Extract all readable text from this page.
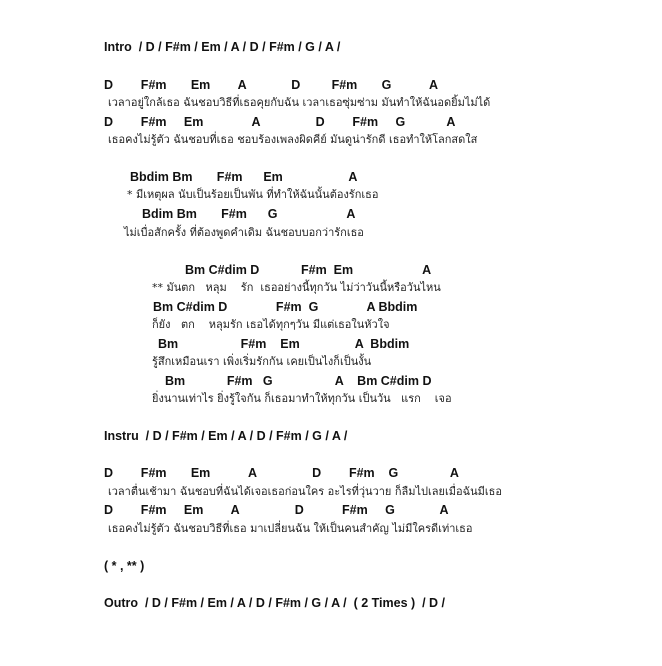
Intro  / D / F#m / Em / A / D / F#m / G / A /
D        F#m       Em        A             D         F#m       G           A
เวลาอยู่ใกล้เธอ ฉันชอบวิธีที่เธอคุยกับฉัน เวลาเธอซุ่มซ่าม มันทำให้ฉันอดยิ้มไม่ได้
D        F#m     Em              A                D        F#m     G            A
เธอคงไม่รู้ตัว ฉันชอบที่เธอ ชอบร้องเพลงผิดคีย์ มันดูน่ารักดี เธอทำให้โลกสดใส
Bbdim Bm       F#m      Em                   A
* มีเหตุผล นับเป็นร้อยเป็นพัน ที่ทำให้ฉันนั้นต้องรักเธอ
Bdim Bm       F#m      G                    A
ไม่เบื่อสักครั้ง ที่ต้องพูดคำเดิม ฉันชอบบอกว่ารักเธอ
Bm C#dim D            F#m  Em                    A
** มันตก   หลุม    รัก  เธออย่างนี้ทุกวัน ไม่ว่าวันนี้หรือวันไหน
Bm C#dim D              F#m  G              A Bbdim
ก็ยัง   ตก    หลุมรัก เธอได้ทุกๆวัน มีแต่เธอในหัวใจ
Bm                  F#m    Em                A  Bbdim
รู้สึกเหมือนเรา เพิ่งเริ่มรักกัน เคยเป็นไงก็เป็นงั้น
Bm            F#m   G                  A    Bm C#dim D
ยิ่งนานเท่าไร ยิ่งรู้ใจกัน ก็เธอมาทำให้ทุกวัน เป็นวัน   แรก    เจอ
Instru  / D / F#m / Em / A / D / F#m / G / A /
D        F#m       Em           A                D        F#m    G               A
เวลาตื่นเช้ามา ฉันชอบที่ฉันได้เจอเธอก่อนใคร อะไรที่วุ่นวาย ก็ลืมไปเลยเมื่อฉันมีเธอ
D        F#m     Em        A                D           F#m     G             A
เธอคงไม่รู้ตัว ฉันชอบวิธีที่เธอ มาเปลี่ยนฉัน ให้เป็นคนสำคัญ ไม่มีใครดีเท่าเธอ
( * , ** )
Outro  / D / F#m / Em / A / D / F#m / G / A /  ( 2 Times )  / D /
